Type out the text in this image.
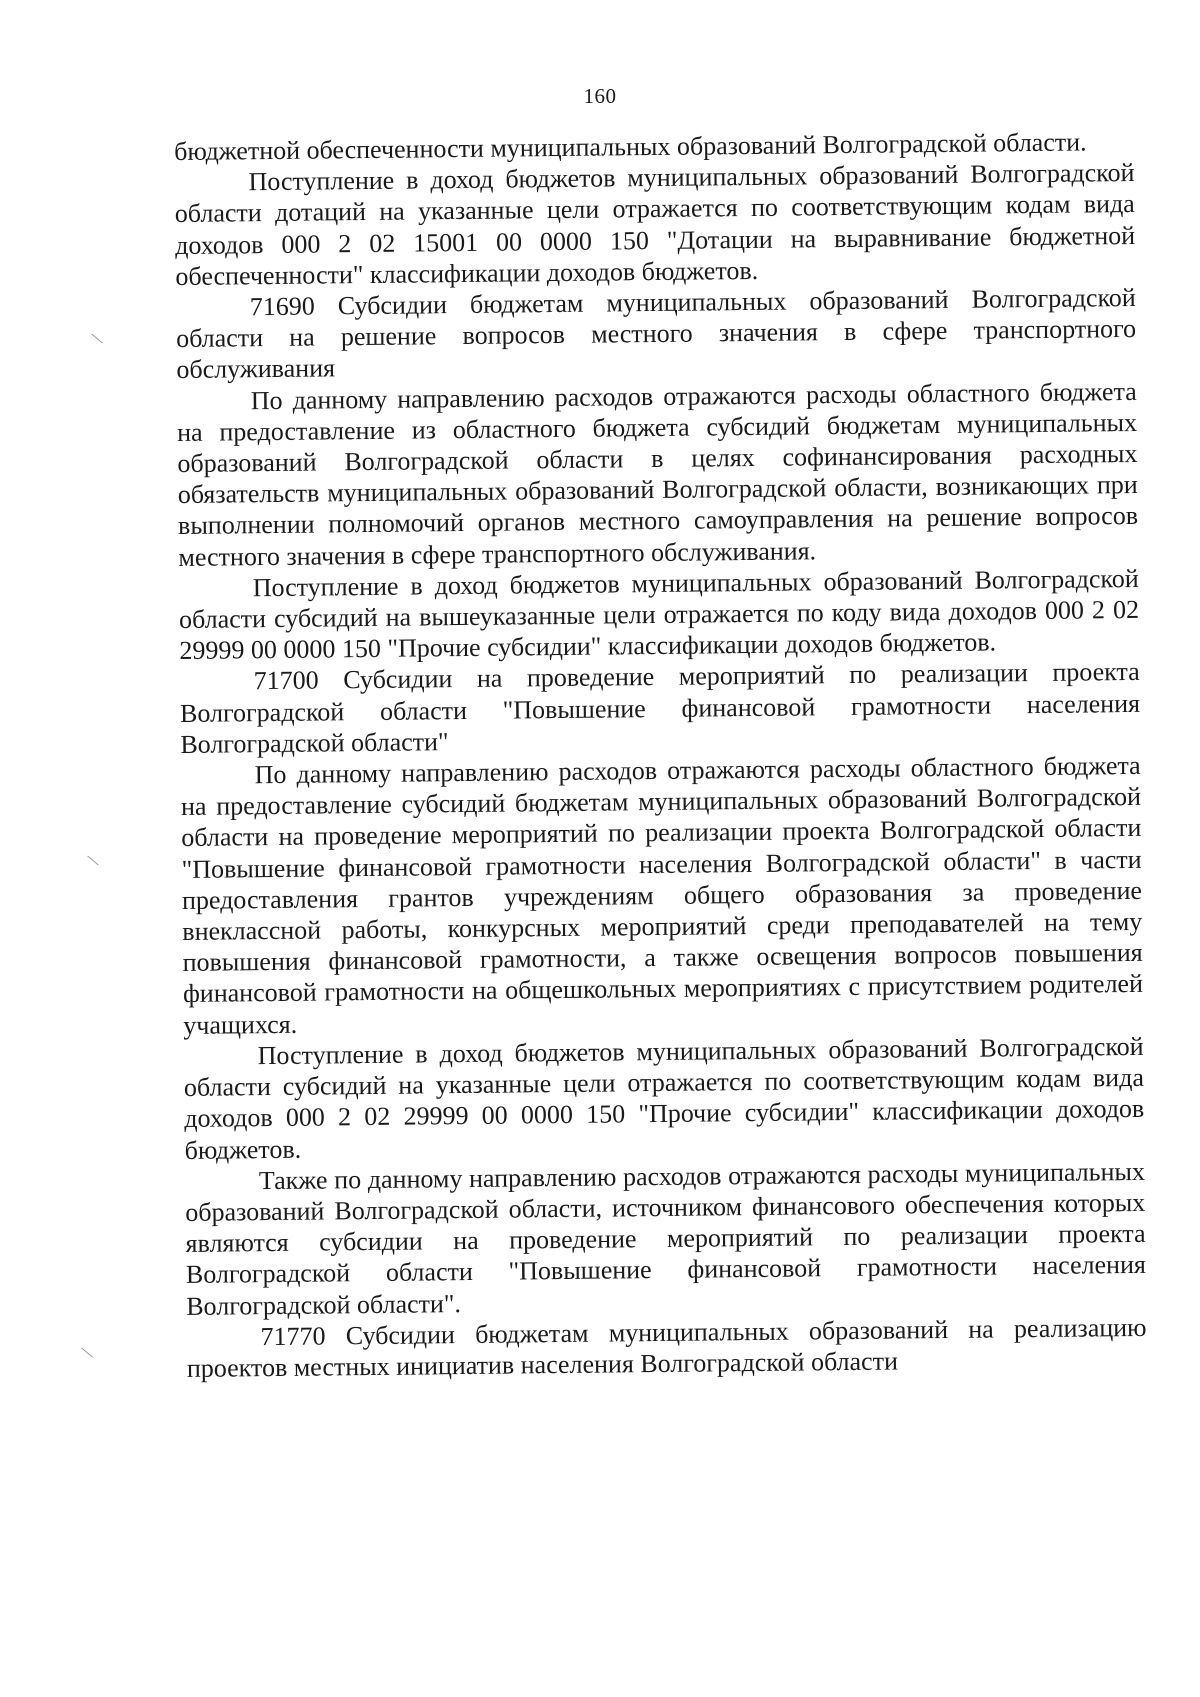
160

бюджетной обеспеченности муниципальных образований Волгоградской области.

Поступление в доход бюджетов муниципальных образований Волгоградской области дотаций на указанные цели отражается по соответствующим кодам вида доходов 000 2 02 15001 00 0000 150 "Дотации на выравнивание бюджетной обеспеченности" классификации доходов бюджетов.

71690 Субсидии бюджетам муниципальных образований Волгоградской области на решение вопросов местного значения в сфере транспортного обслуживания

По данному направлению расходов отражаются расходы областного бюджета на предоставление из областного бюджета субсидий бюджетам муниципальных образований Волгоградской области в целях софинансирования расходных обязательств муниципальных образований Волгоградской области, возникающих при выполнении полномочий органов местного самоуправления на решение вопросов местного значения в сфере транспортного обслуживания.

Поступление в доход бюджетов муниципальных образований Волгоградской области субсидий на вышеуказанные цели отражается по коду вида доходов 000 2 02 29999 00 0000 150 "Прочие субсидии" классификации доходов бюджетов.

71700 Субсидии на проведение мероприятий по реализации проекта Волгоградской области "Повышение финансовой грамотности населения Волгоградской области"

По данному направлению расходов отражаются расходы областного бюджета на предоставление субсидий бюджетам муниципальных образований Волгоградской области на проведение мероприятий по реализации проекта Волгоградской области "Повышение финансовой грамотности населения Волгоградской области" в части предоставления грантов учреждениям общего образования за проведение внеклассной работы, конкурсных мероприятий среди преподавателей на тему повышения финансовой грамотности, а также освещения вопросов повышения финансовой грамотности на общешкольных мероприятиях с присутствием родителей учащихся.

Поступление в доход бюджетов муниципальных образований Волгоградской области субсидий на указанные цели отражается по соответствующим кодам вида доходов 000 2 02 29999 00 0000 150 "Прочие субсидии" классификации доходов бюджетов.

Также по данному направлению расходов отражаются расходы муниципальных образований Волгоградской области, источником финансового обеспечения которых являются субсидии на проведение мероприятий по реализации проекта Волгоградской области "Повышение финансовой грамотности населения Волгоградской области".

71770 Субсидии бюджетам муниципальных образований на реализацию проектов местных инициатив населения Волгоградской области
